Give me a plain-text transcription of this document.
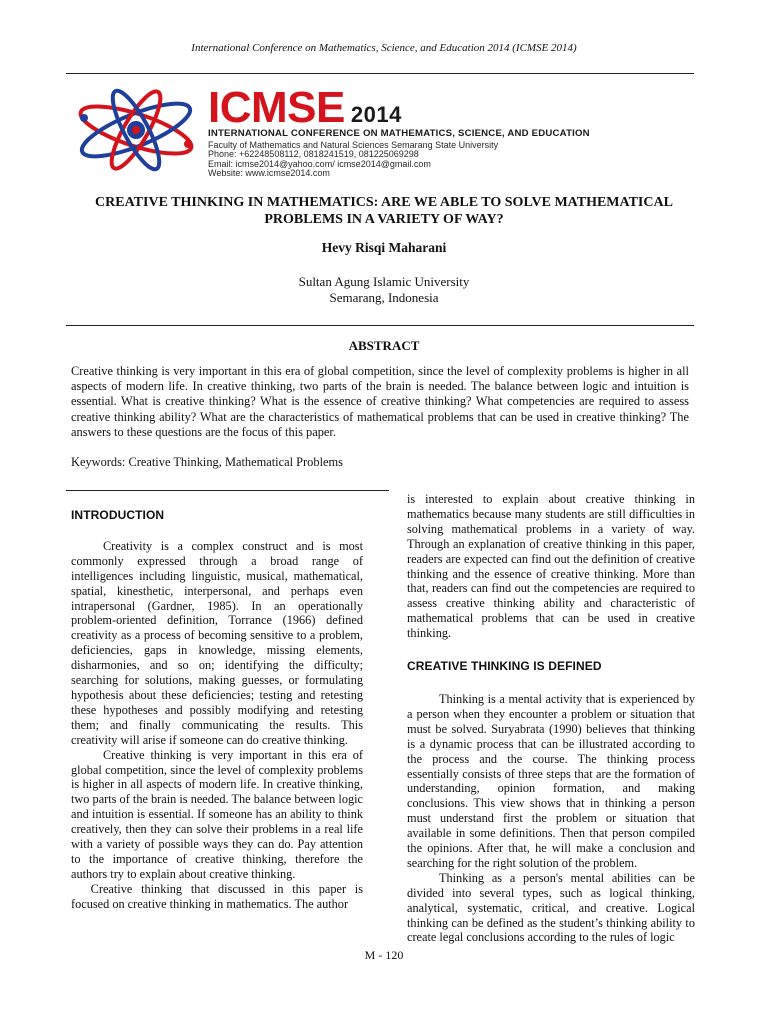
International Conference on Mathematics, Science, and Education 2014 (ICMSE 2014)
ICMSE 2014
INTERNATIONAL CONFERENCE ON MATHEMATICS, SCIENCE, AND EDUCATION
Faculty of Mathematics and Natural Sciences Semarang State University
Phone: +62248508112, 0818241519, 081225069298
Email: icmse2014@yahoo.com/ icmse2014@gmail.com
Website: www.icmse2014.com
CREATIVE THINKING IN MATHEMATICS: ARE WE ABLE TO SOLVE MATHEMATICAL
PROBLEMS IN A VARIETY OF WAY?
Hevy Risqi Maharani
Sultan Agung Islamic University
Semarang, Indonesia
ABSTRACT

Creative thinking is very important in this era of global competition, since the level of complexity problems is higher in all aspects of modern life. In creative thinking, two parts of the brain is needed. The balance between logic and intuition is essential. What is creative thinking? What is the essence of creative thinking? What competencies are required to assess creative thinking ability? What are the characteristics of mathematical problems that can be used in creative thinking? The answers to these questions are the focus of this paper.

Keywords: Creative Thinking, Mathematical Problems

INTRODUCTION

Creativity is a complex construct and is most commonly expressed through a broad range of intelligences including linguistic, musical, mathematical, spatial, kinesthetic, interpersonal, and perhaps even intrapersonal (Gardner, 1985). In an operationally problem-oriented definition, Torrance (1966) defined creativity as a process of becoming sensitive to a problem, deficiencies, gaps in knowledge, missing elements, disharmonies, and so on; identifying the difficulty; searching for solutions, making guesses, or formulating hypothesis about these deficiencies; testing and retesting these hypotheses and possibly modifying and retesting them; and finally communicating the results. This creativity will arise if someone can do creative thinking.

Creative thinking is very important in this era of global competition, since the level of complexity problems is higher in all aspects of modern life. In creative thinking, two parts of the brain is needed. The balance between logic and intuition is essential. If someone has an ability to think creatively, then they can solve their problems in a real life with a variety of possible ways they can do. Pay attention to the importance of creative thinking, therefore the authors try to explain about creative thinking.

Creative thinking that discussed in this paper is focused on creative thinking in mathematics. The author

is interested to explain about creative thinking in mathematics because many students are still difficulties in solving mathematical problems in a variety of way. Through an explanation of creative thinking in this paper, readers are expected can find out the definition of creative thinking and the essence of creative thinking. More than that, readers can find out the competencies are required to assess creative thinking ability and characteristic of mathematical problems that can be used in creative thinking.

CREATIVE THINKING IS DEFINED

Thinking is a mental activity that is experienced by a person when they encounter a problem or situation that must be solved. Suryabrata (1990) believes that thinking is a dynamic process that can be illustrated according to the process and the course. The thinking process essentially consists of three steps that are the formation of understanding, opinion formation, and making conclusions. This view shows that in thinking a person must understand first the problem or situation that available in some definitions. Then that person compiled the opinions. After that, he will make a conclusion and searching for the right solution of the problem.

Thinking as a person's mental abilities can be divided into several types, such as logical thinking, analytical, systematic, critical, and creative. Logical thinking can be defined as the student’s thinking ability to create legal conclusions according to the rules of logic

M - 120
